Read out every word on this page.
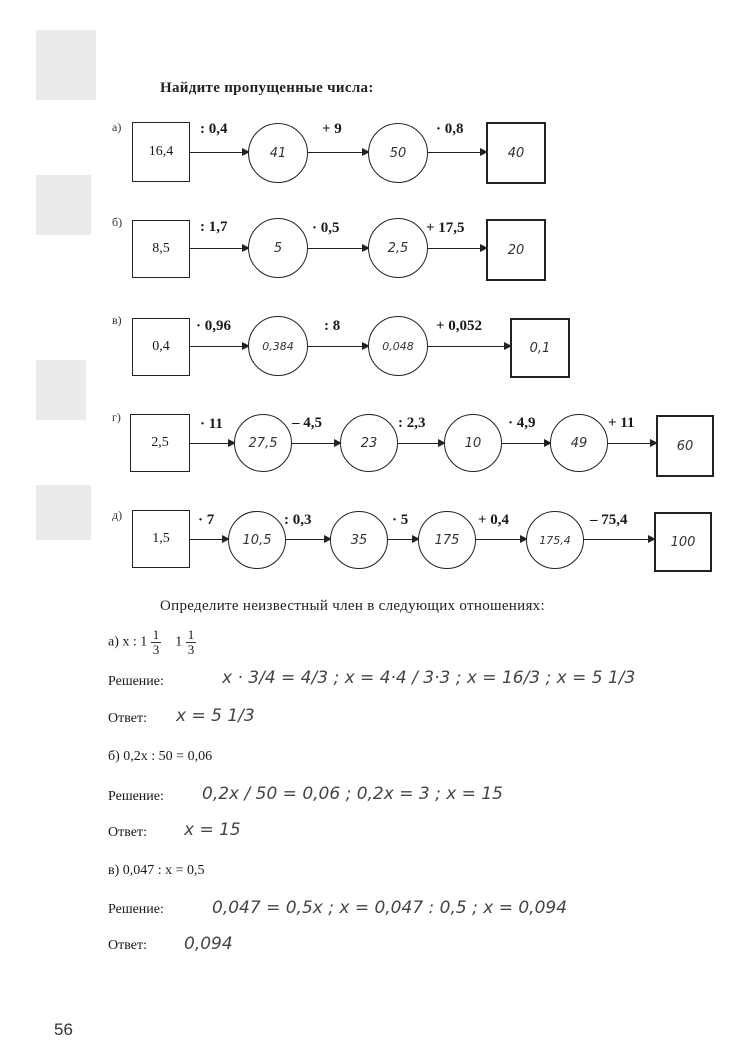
Найдите пропущенные числа:
а)
16,4
: 0,4
41
+ 9
50
· 0,8
40
б)
8,5
: 1,7
5
· 0,5
2,5
+ 17,5
20
в)
0,4
· 0,96
0,384
: 8
0,048
+ 0,052
0,1
г)
2,5
· 11
27,5
– 4,5
23
: 2,3
10
· 4,9
49
+ 11
60
д)
1,5
· 7
10,5
: 0,3
35
· 5
175
+ 0,4
175,4
– 75,4
100
Определите неизвестный член в следующих отношениях:
а) x : $1 \frac{1}{3} 1 \frac{1}{3}$
Решение:	x · 3/4 = 4/3 ; x = 4·4 / 3·3 ; x = 16/3 ; x = 5 1/3
Ответ: x = 5 1/3
б) 0,2x : 50 = 0,06
Решение: 0,2x / 50 = 0,06 ; 0,2x = 3 ; x = 15
Ответ: x = 15
в) 0,047 : x = 0,5
Решение:	0,047 = 0,5x ; x = 0,047 : 0,5 ; x = 0,094
Ответ: 0,094
56
